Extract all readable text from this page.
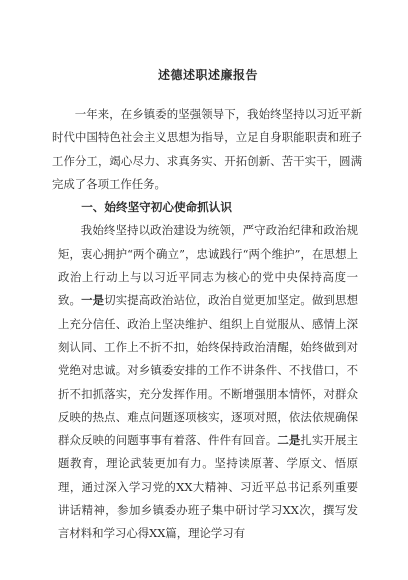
述德述职述廉报告

一年来，在乡镇委的坚强领导下，我始终坚持以习近平新时代中国特色社会主义思想为指导，立足自身职能职责和班子工作分工，竭心尽力、求真务实、开拓创新、苦干实干，圆满完成了各项工作任务。

一、始终坚守初心使命抓认识

我始终坚持以政治建设为统领，严守政治纪律和政治规矩，衷心拥护“两个确立”，忠诚践行“两个维护”，在思想上政治上行动上与以习近平同志为核心的党中央保持高度一致。一是切实提高政治站位，政治自觉更加坚定。做到思想上充分信任、政治上坚决维护、组织上自觉服从、感情上深刻认同、工作上不折不扣，始终保持政治清醒，始终做到对党绝对忠诚。对乡镇委安排的工作不讲条件、不找借口，不折不扣抓落实，充分发挥作用。不断增强朋本情怀，对群众反映的热点、难点问题逐项核实，逐项对照，依法依规确保群众反映的问题事事有着落、件件有回音。二是扎实开展主题教育，理论武装更加有力。坚持读原著、学原文、悟原理，通过深入学习党的XX大精神、习近平总书记系列重要讲话精神，参加乡镇委办班子集中研讨学习XX次，撰写发言材料和学习心得XX篇，理论学习有
